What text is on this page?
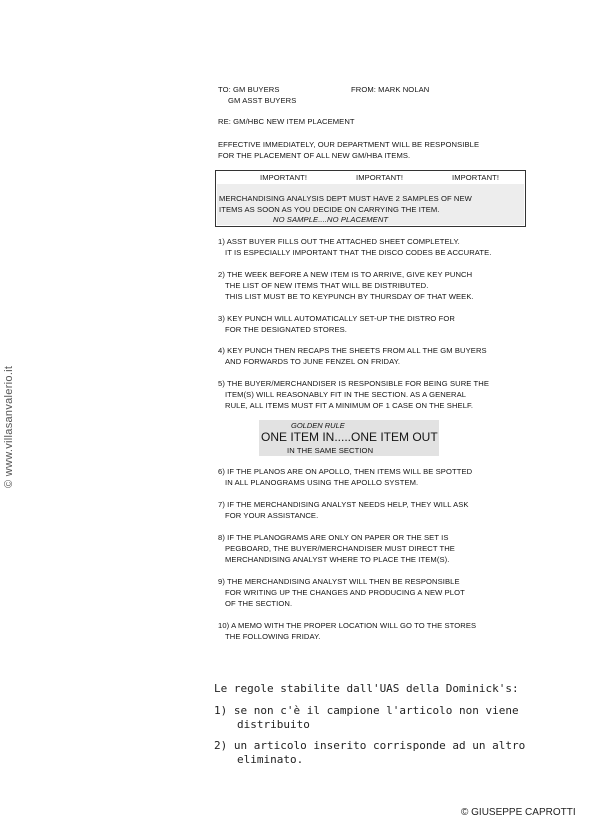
© www.villasanvalerio.it
TO: GM BUYERS	FROM: MARK NOLAN
GM ASST BUYERS
RE: GM/HBC NEW ITEM PLACEMENT
EFFECTIVE IMMEDIATELY, OUR DEPARTMENT WILL BE RESPONSIBLE
FOR THE PLACEMENT OF ALL NEW GM/HBA ITEMS.
IMPORTANT!	IMPORTANT!	IMPORTANT!
MERCHANDISING ANALYSIS DEPT MUST HAVE 2 SAMPLES OF NEW
ITEMS AS SOON AS YOU DECIDE ON CARRYING THE ITEM.
NO SAMPLE....NO PLACEMENT
1) ASST BUYER FILLS OUT THE ATTACHED SHEET COMPLETELY.
IT IS ESPECIALLY IMPORTANT THAT THE DISCO CODES BE ACCURATE.
2) THE WEEK BEFORE A NEW ITEM IS TO ARRIVE, GIVE KEY PUNCH
THE LIST OF NEW ITEMS THAT WILL BE DISTRIBUTED.
THIS LIST MUST BE TO KEYPUNCH BY THURSDAY OF THAT WEEK.
3) KEY PUNCH WILL AUTOMATICALLY SET-UP THE DISTRO FOR
FOR THE DESIGNATED STORES.
4) KEY PUNCH THEN RECAPS THE SHEETS FROM ALL THE GM BUYERS
AND FORWARDS TO JUNE FENZEL ON FRIDAY.
5) THE BUYER/MERCHANDISER IS RESPONSIBLE FOR BEING SURE THE
ITEM(S) WILL REASONABLY FIT IN THE SECTION. AS A GENERAL
RULE, ALL ITEMS MUST FIT A MINIMUM OF 1 CASE ON THE SHELF.
GOLDEN RULE
ONE ITEM IN.....ONE ITEM OUT
IN THE SAME SECTION
6) IF THE PLANOS ARE ON APOLLO, THEN ITEMS WILL BE SPOTTED
IN ALL PLANOGRAMS USING THE APOLLO SYSTEM.
7) IF THE MERCHANDISING ANALYST NEEDS HELP, THEY WILL ASK
FOR YOUR ASSISTANCE.
8) IF THE PLANOGRAMS ARE ONLY ON PAPER OR THE SET IS
PEGBOARD, THE BUYER/MERCHANDISER MUST DIRECT THE
MERCHANDISING ANALYST WHERE TO PLACE THE ITEM(S).
9) THE MERCHANDISING ANALYST WILL THEN BE RESPONSIBLE
FOR WRITING UP THE CHANGES AND PRODUCING A NEW PLOT
OF THE SECTION.
10) A MEMO WITH THE PROPER LOCATION WILL GO TO THE STORES
THE FOLLOWING FRIDAY.
Le regole stabilite dall'UAS della Dominick's:
1) se non c'è il campione l'articolo non viene
distribuito
2) un articolo inserito corrisponde ad un altro
eliminato.
© GIUSEPPE CAPROTTI
